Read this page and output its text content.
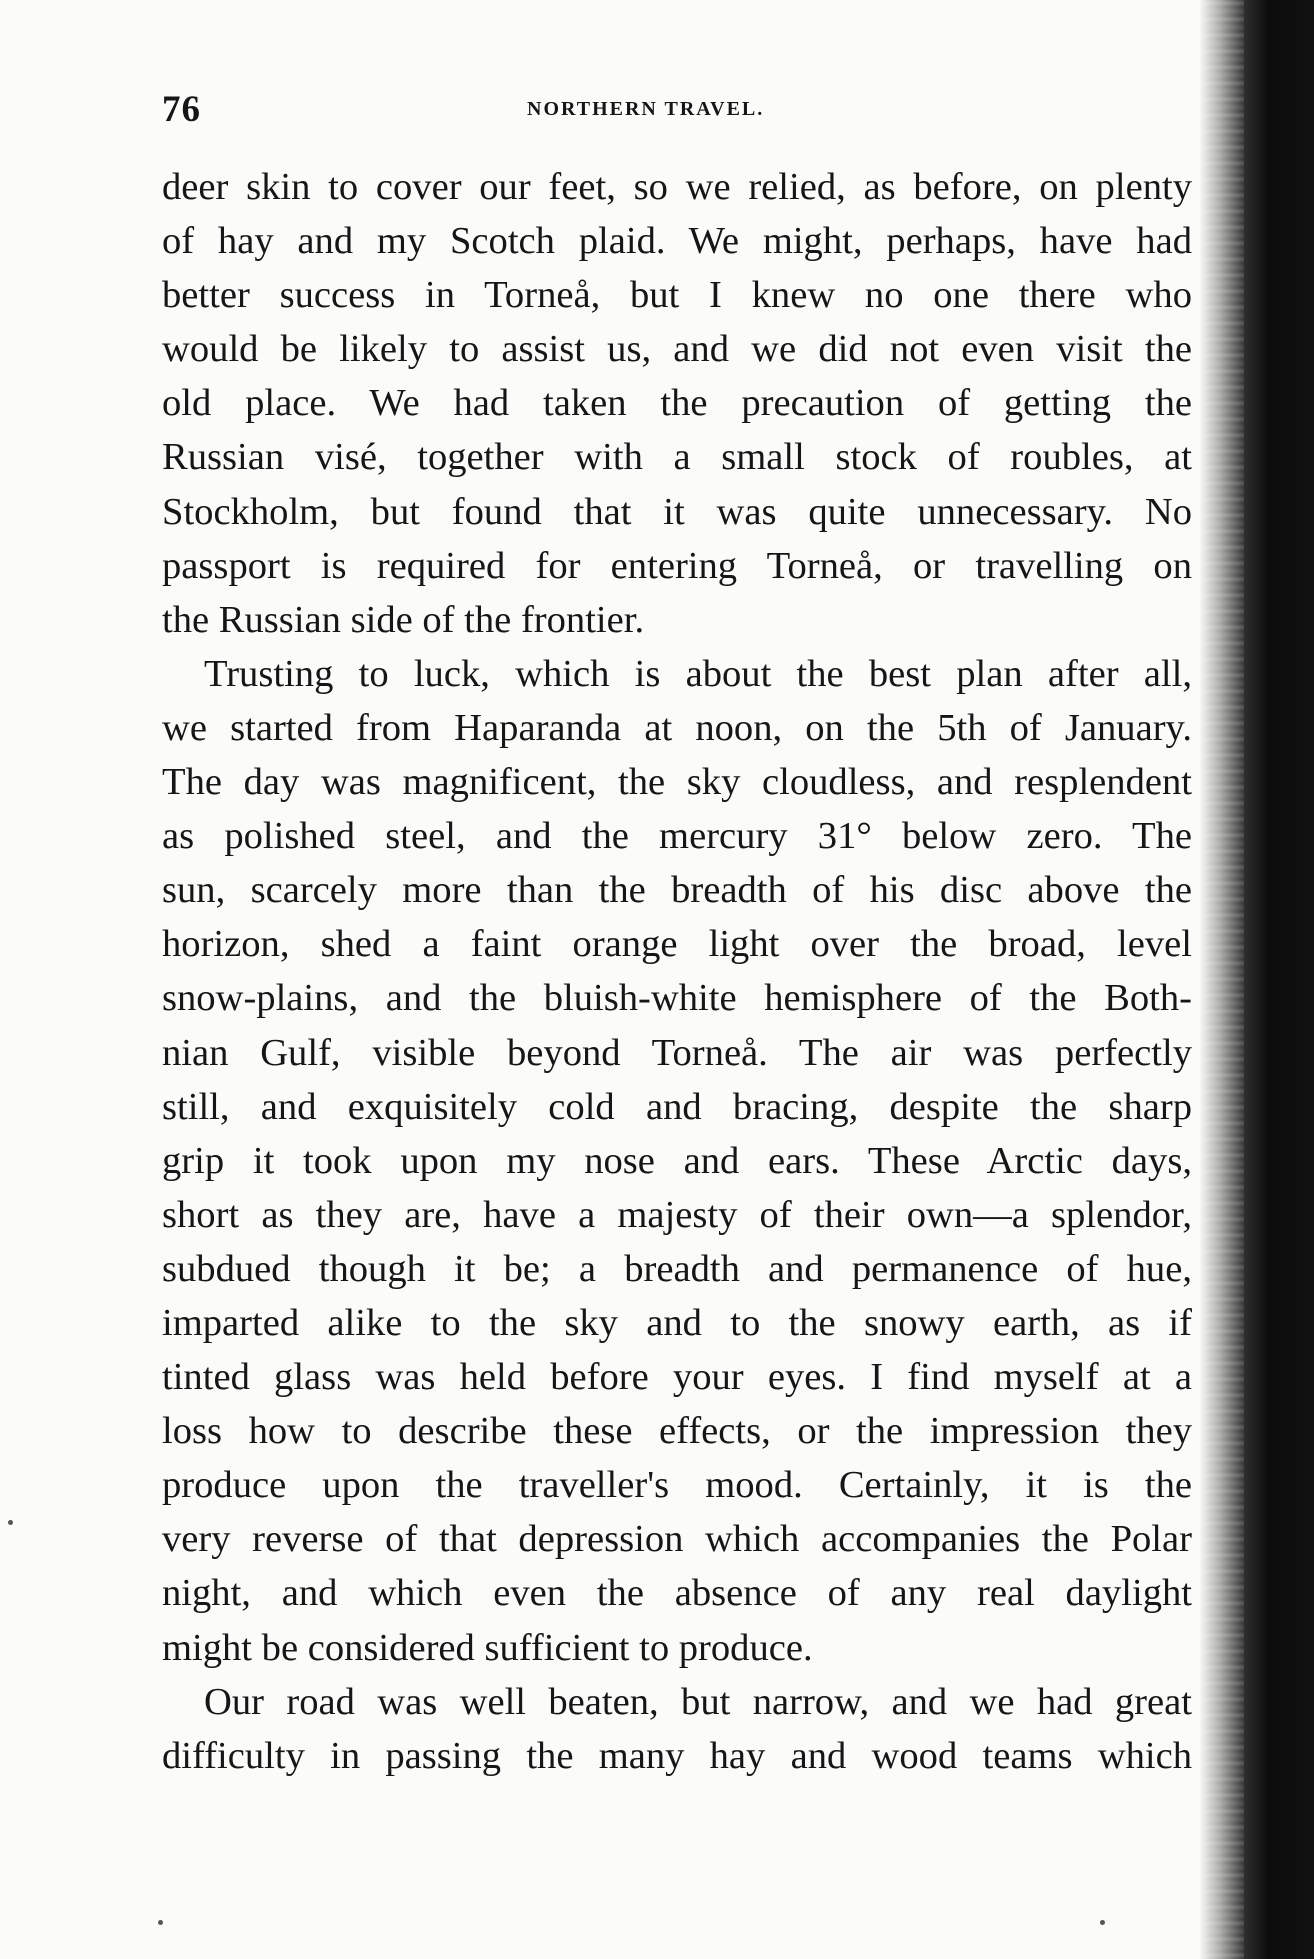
76	NORTHERN TRAVEL.
deer skin to cover our feet, so we relied, as before, on plenty
of hay and my Scotch plaid. We might, perhaps, have had
better success in Torneå, but I knew no one there who
would be likely to assist us, and we did not even visit the
old place. We had taken the precaution of getting the
Russian visé, together with a small stock of roubles, at
Stockholm, but found that it was quite unnecessary. No
passport is required for entering Torneå, or travelling on
the Russian side of the frontier.
Trusting to luck, which is about the best plan after all,
we started from Haparanda at noon, on the 5th of January.
The day was magnificent, the sky cloudless, and resplendent
as polished steel, and the mercury 31° below zero. The
sun, scarcely more than the breadth of his disc above the
horizon, shed a faint orange light over the broad, level
snow-plains, and the bluish-white hemisphere of the Both-
nian Gulf, visible beyond Torneå. The air was perfectly
still, and exquisitely cold and bracing, despite the sharp
grip it took upon my nose and ears. These Arctic days,
short as they are, have a majesty of their own—a splendor,
subdued though it be; a breadth and permanence of hue,
imparted alike to the sky and to the snowy earth, as if
tinted glass was held before your eyes. I find myself at a
loss how to describe these effects, or the impression they
produce upon the traveller's mood. Certainly, it is the
very reverse of that depression which accompanies the Polar
night, and which even the absence of any real daylight
might be considered sufficient to produce.
Our road was well beaten, but narrow, and we had great
difficulty in passing the many hay and wood teams which
